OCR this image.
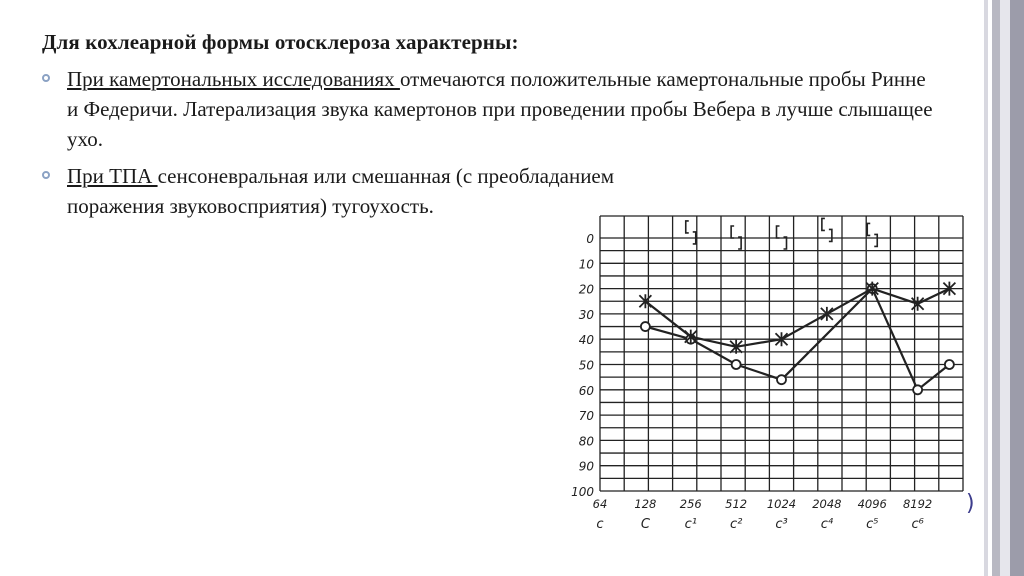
Для кохлеарной формы отосклероза характерны:
При камертональных исследованиях отмечаются положительные камертональные пробы Ринне и Федеричи. Латерализация звука камертонов при проведении пробы Вебера в лучше слышащее ухо.
При ТПА сенсоневральная или смешанная (с преобладанием поражения звуковосприятия) тугоухость.
0
10
20
30
40
50
60
70
80
90
100
64
c
128
C
256
c¹
512
c²
1024
c³
2048
c⁴
4096
c⁵
8192
c⁶
)
